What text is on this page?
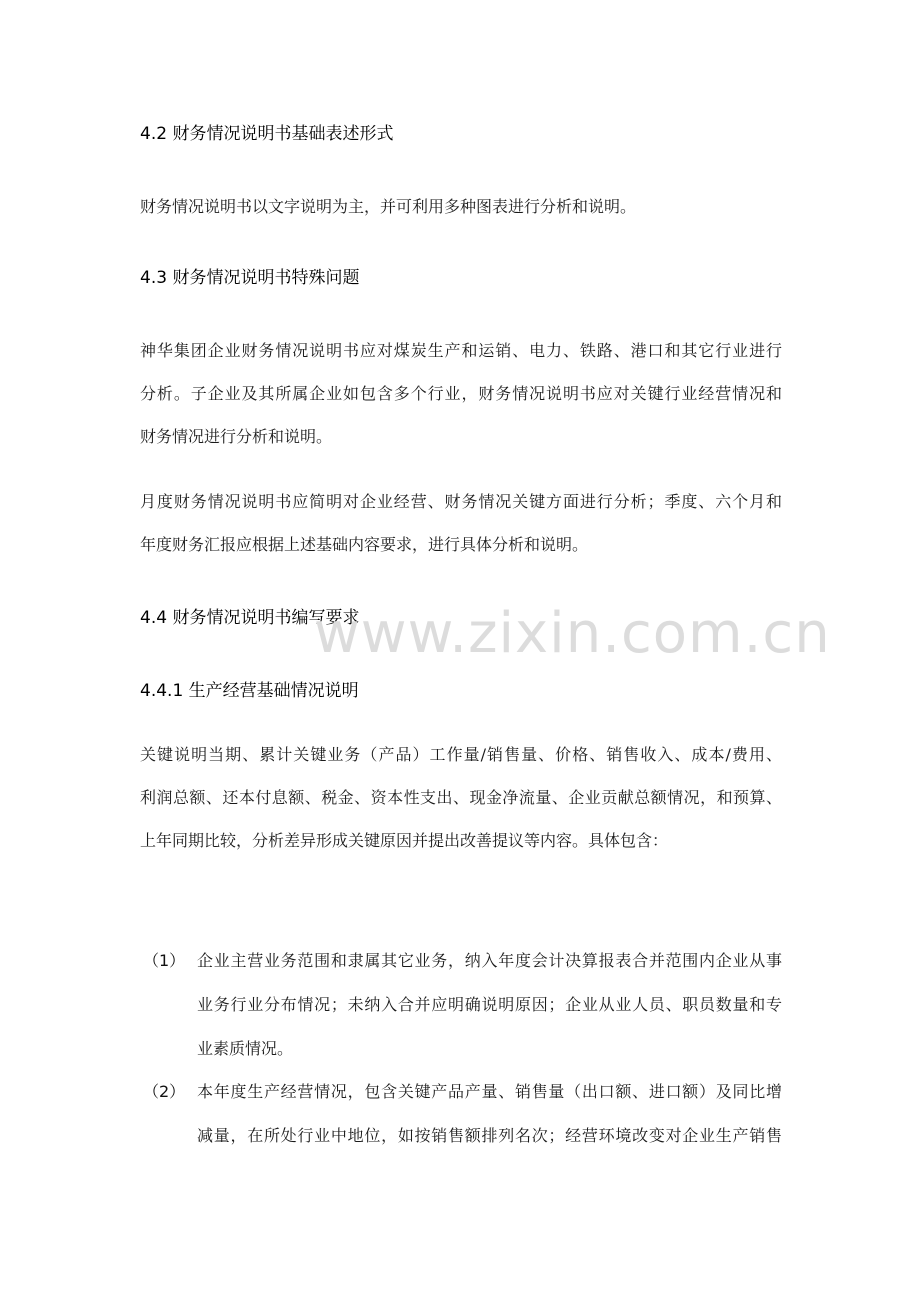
4.2 财务情况说明书基础表述形式
财务情况说明书以文字说明为主，并可利用多种图表进行分析和说明。
4.3 财务情况说明书特殊问题
神华集团企业财务情况说明书应对煤炭生产和运销、电力、铁路、港口和其它行业进行
分析。子企业及其所属企业如包含多个行业，财务情况说明书应对关键行业经营情况和
财务情况进行分析和说明。
月度财务情况说明书应简明对企业经营、财务情况关键方面进行分析；季度、六个月和
年度财务汇报应根据上述基础内容要求，进行具体分析和说明。
4.4 财务情况说明书编写要求
www.zixin.com.cn
4.4.1 生产经营基础情况说明
关键说明当期、累计关键业务（产品）工作量/销售量、价格、销售收入、成本/费用、
利润总额、还本付息额、税金、资本性支出、现金净流量、企业贡献总额情况，和预算、
上年同期比较，分析差异形成关键原因并提出改善提议等内容。具体包含：
（1） 企业主营业务范围和隶属其它业务，纳入年度会计决算报表合并范围内企业从事
业务行业分布情况；未纳入合并应明确说明原因；企业从业人员、职员数量和专
业素质情况。
（2） 本年度生产经营情况，包含关键产品产量、销售量（出口额、进口额）及同比增
减量，在所处行业中地位，如按销售额排列名次；经营环境改变对企业生产销售
